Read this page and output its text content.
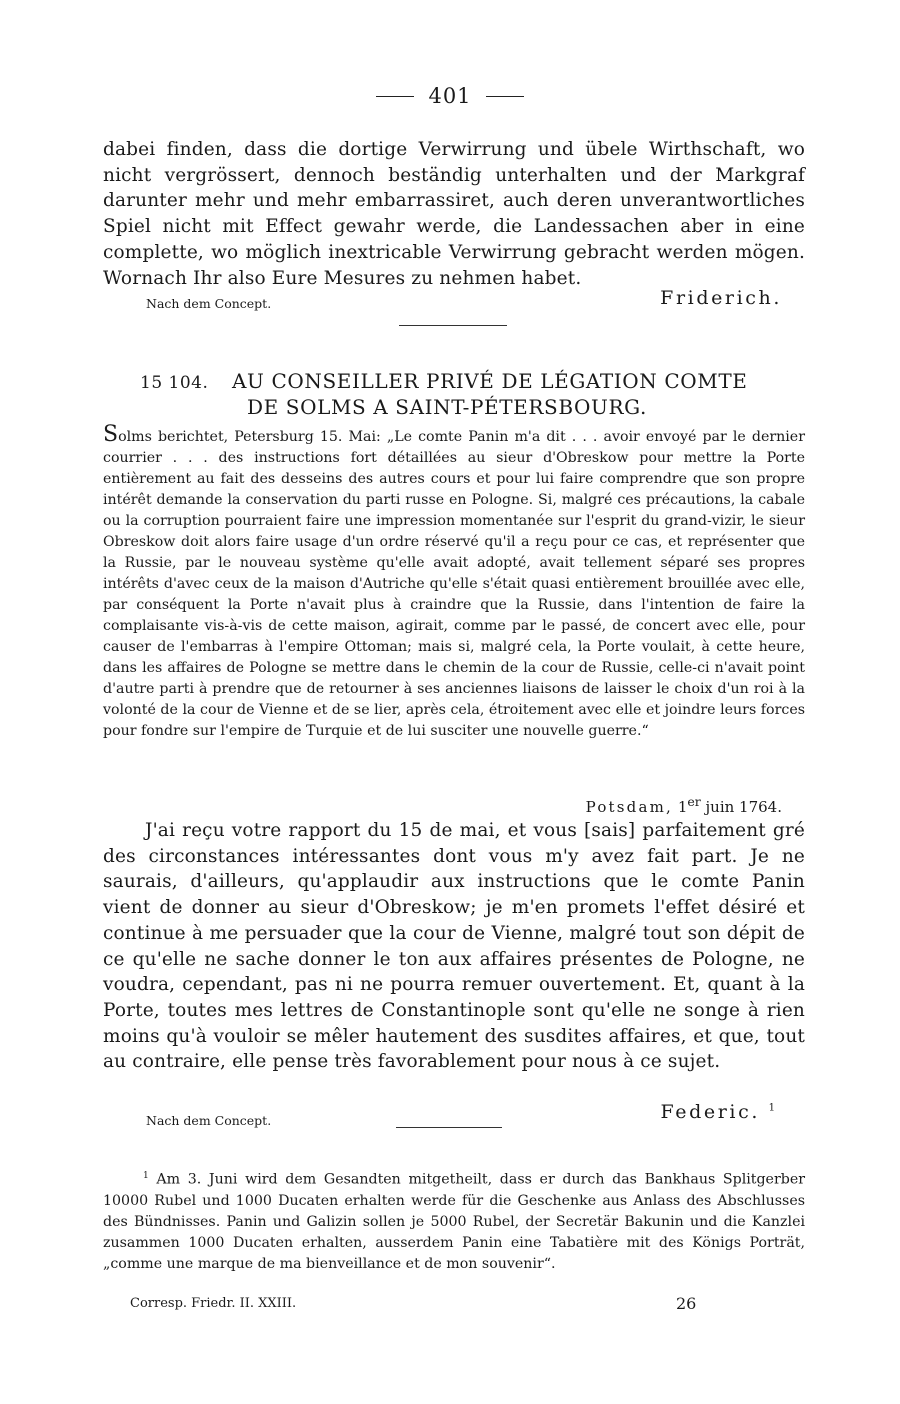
401
dabei finden, dass die dortige Verwirrung und übele Wirthschaft, wo nicht vergrössert, dennoch beständig unterhalten und der Markgraf darunter mehr und mehr embarrassiret, auch deren unverantwortliches Spiel nicht mit Effect gewahr werde, die Landessachen aber in eine complette, wo möglich inextricable Verwirrung gebracht werden mögen. Wornach Ihr also Eure Mesures zu nehmen habet.
Nach dem Concept.	Friderich.
15 104. AU CONSEILLER PRIVÉ DE LÉGATION COMTE
DE SOLMS A SAINT-PÉTERSBOURG.
Solms berichtet, Petersburg 15. Mai: „Le comte Panin m'a dit . . . avoir envoyé par le dernier courrier . . . des instructions fort détaillées au sieur d'Obreskow pour mettre la Porte entièrement au fait des desseins des autres cours et pour lui faire comprendre que son propre intérêt demande la conservation du parti russe en Pologne. Si, malgré ces précautions, la cabale ou la corruption pourraient faire une impression momentanée sur l'esprit du grand-vizir, le sieur Obreskow doit alors faire usage d'un ordre réservé qu'il a reçu pour ce cas, et représenter que la Russie, par le nouveau système qu'elle avait adopté, avait tellement séparé ses propres intérêts d'avec ceux de la maison d'Autriche qu'elle s'était quasi entièrement brouillée avec elle, par conséquent la Porte n'avait plus à craindre que la Russie, dans l'intention de faire la complaisante vis-à-vis de cette maison, agirait, comme par le passé, de concert avec elle, pour causer de l'embarras à l'empire Ottoman; mais si, malgré cela, la Porte voulait, à cette heure, dans les affaires de Pologne se mettre dans le chemin de la cour de Russie, celle-ci n'avait point d'autre parti à prendre que de retourner à ses anciennes liaisons de laisser le choix d'un roi à la volonté de la cour de Vienne et de se lier, après cela, étroitement avec elle et joindre leurs forces pour fondre sur l'empire de Turquie et de lui susciter une nouvelle guerre.“
Potsdam, 1er juin 1764.
J'ai reçu votre rapport du 15 de mai, et vous [sais] parfaitement gré des circonstances intéressantes dont vous m'y avez fait part. Je ne saurais, d'ailleurs, qu'applaudir aux instructions que le comte Panin vient de donner au sieur d'Obreskow; je m'en promets l'effet désiré et continue à me persuader que la cour de Vienne, malgré tout son dépit de ce qu'elle ne sache donner le ton aux affaires présentes de Pologne, ne voudra, cependant, pas ni ne pourra remuer ouvertement. Et, quant à la Porte, toutes mes lettres de Constantinople sont qu'elle ne songe à rien moins qu'à vouloir se mêler hautement des susdites affaires, et que, tout au contraire, elle pense très favorablement pour nous à ce sujet.
Nach dem Concept.	Federic. $^1$
$^1$ Am 3. Juni wird dem Gesandten mitgetheilt, dass er durch das Bankhaus Splitgerber 10000 Rubel und 1000 Ducaten erhalten werde für die Geschenke aus Anlass des Abschlusses des Bündnisses. Panin und Galizin sollen je 5000 Rubel, der Secretär Bakunin und die Kanzlei zusammen 1000 Ducaten erhalten, ausserdem Panin eine Tabatière mit des Königs Porträt, „comme une marque de ma bienveillance et de mon souvenir“.
Corresp. Friedr. II. XXIII.	26
